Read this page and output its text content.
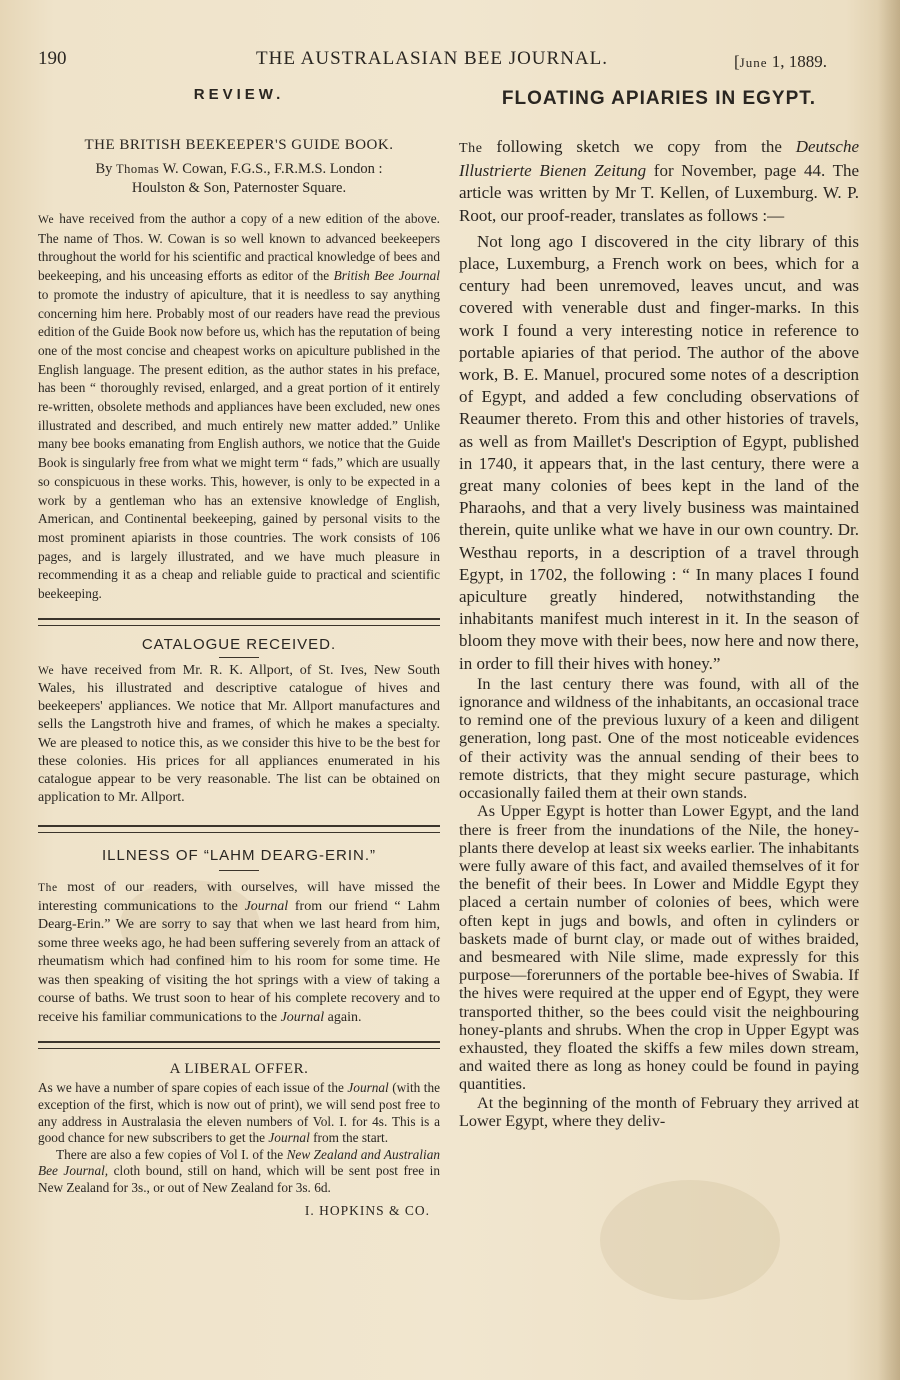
190	THE AUSTRALASIAN BEE JOURNAL.	[June 1, 1889.
REVIEW.
THE BRITISH BEEKEEPER'S GUIDE BOOK.
By Thomas W. Cowan, F.G.S., F.R.M.S. London :
Houlston & Son, Paternoster Square.

We have received from the author a copy of a new edition of the above. The name of Thos. W. Cowan is so well known to advanced beekeepers throughout the world for his scientific and practical knowledge of bees and beekeeping, and his unceasing efforts as editor of the British Bee Journal to promote the industry of apiculture, that it is needless to say anything concerning him here. Probably most of our readers have read the previous edition of the Guide Book now before us, which has the reputation of being one of the most concise and cheapest works on apiculture published in the English language. The present edition, as the author states in his preface, has been “ thoroughly revised, enlarged, and a great portion of it entirely re-written, obsolete methods and appliances have been excluded, new ones illustrated and described, and much entirely new matter added.” Unlike many bee books emanating from English authors, we notice that the Guide Book is singularly free from what we might term “ fads,” which are usually so conspicuous in these works. This, however, is only to be expected in a work by a gentleman who has an extensive knowledge of English, American, and Continental beekeeping, gained by personal visits to the most prominent apiarists in those countries. The work consists of 106 pages, and is largely illustrated, and we have much pleasure in recommending it as a cheap and reliable guide to practical and scientific beekeeping.

CATALOGUE RECEIVED.

We have received from Mr. R. K. Allport, of St. Ives, New South Wales, his illustrated and descriptive catalogue of hives and beekeepers' appliances. We notice that Mr. Allport manufactures and sells the Langstroth hive and frames, of which he makes a specialty. We are pleased to notice this, as we consider this hive to be the best for these colonies. His prices for all appliances enumerated in his catalogue appear to be very reasonable. The list can be obtained on application to Mr. Allport.

ILLNESS OF “LAHM DEARG-ERIN.”

The most of our readers, with ourselves, will have missed the interesting communications to the Journal from our friend “ Lahm Dearg-Erin.” We are sorry to say that when we last heard from him, some three weeks ago, he had been suffering severely from an attack of rheumatism which had confined him to his room for some time. He was then speaking of visiting the hot springs with a view of taking a course of baths. We trust soon to hear of his complete recovery and to receive his familiar communications to the Journal again.

A LIBERAL OFFER.

As we have a number of spare copies of each issue of the Journal (with the exception of the first, which is now out of print), we will send post free to any address in Australasia the eleven numbers of Vol. I. for 4s. This is a good chance for new subscribers to get the Journal from the start.

There are also a few copies of Vol I. of the New Zealand and Australian Bee Journal, cloth bound, still on hand, which will be sent post free in New Zealand for 3s., or out of New Zealand for 3s. 6d.

I. HOPKINS & CO.
FLOATING APIARIES IN EGYPT.

The following sketch we copy from the Deutsche Illustrierte Bienen Zeitung for November, page 44. The article was written by Mr T. Kellen, of Luxemburg. W. P. Root, our proof-reader, translates as follows :—

Not long ago I discovered in the city library of this place, Luxemburg, a French work on bees, which for a century had been unremoved, leaves uncut, and was covered with venerable dust and finger-marks. In this work I found a very interesting notice in reference to portable apiaries of that period. The author of the above work, B. E. Manuel, procured some notes of a description of Egypt, and added a few concluding observations of Reaumer thereto. From this and other histories of travels, as well as from Maillet's Description of Egypt, published in 1740, it appears that, in the last century, there were a great many colonies of bees kept in the land of the Pharaohs, and that a very lively business was maintained therein, quite unlike what we have in our own country. Dr. Westhau reports, in a description of a travel through Egypt, in 1702, the following : “ In many places I found apiculture greatly hindered, notwithstanding the inhabitants manifest much interest in it. In the season of bloom they move with their bees, now here and now there, in order to fill their hives with honey.”

In the last century there was found, with all of the ignorance and wildness of the inhabitants, an occasional trace to remind one of the previous luxury of a keen and diligent generation, long past. One of the most noticeable evidences of their activity was the annual sending of their bees to remote districts, that they might secure pasturage, which occasionally failed them at their own stands.

As Upper Egypt is hotter than Lower Egypt, and the land there is freer from the inundations of the Nile, the honey-plants there develop at least six weeks earlier. The inhabitants were fully aware of this fact, and availed themselves of it for the benefit of their bees. In Lower and Middle Egypt they placed a certain number of colonies of bees, which were often kept in jugs and bowls, and often in cylinders or baskets made of burnt clay, or made out of withes braided, and besmeared with Nile slime, made expressly for this purpose—forerunners of the portable bee-hives of Swabia. If the hives were required at the upper end of Egypt, they were transported thither, so the bees could visit the neighbouring honey-plants and shrubs. When the crop in Upper Egypt was exhausted, they floated the skiffs a few miles down stream, and waited there as long as honey could be found in paying quantities.

At the beginning of the month of February they arrived at Lower Egypt, where they deliv-
